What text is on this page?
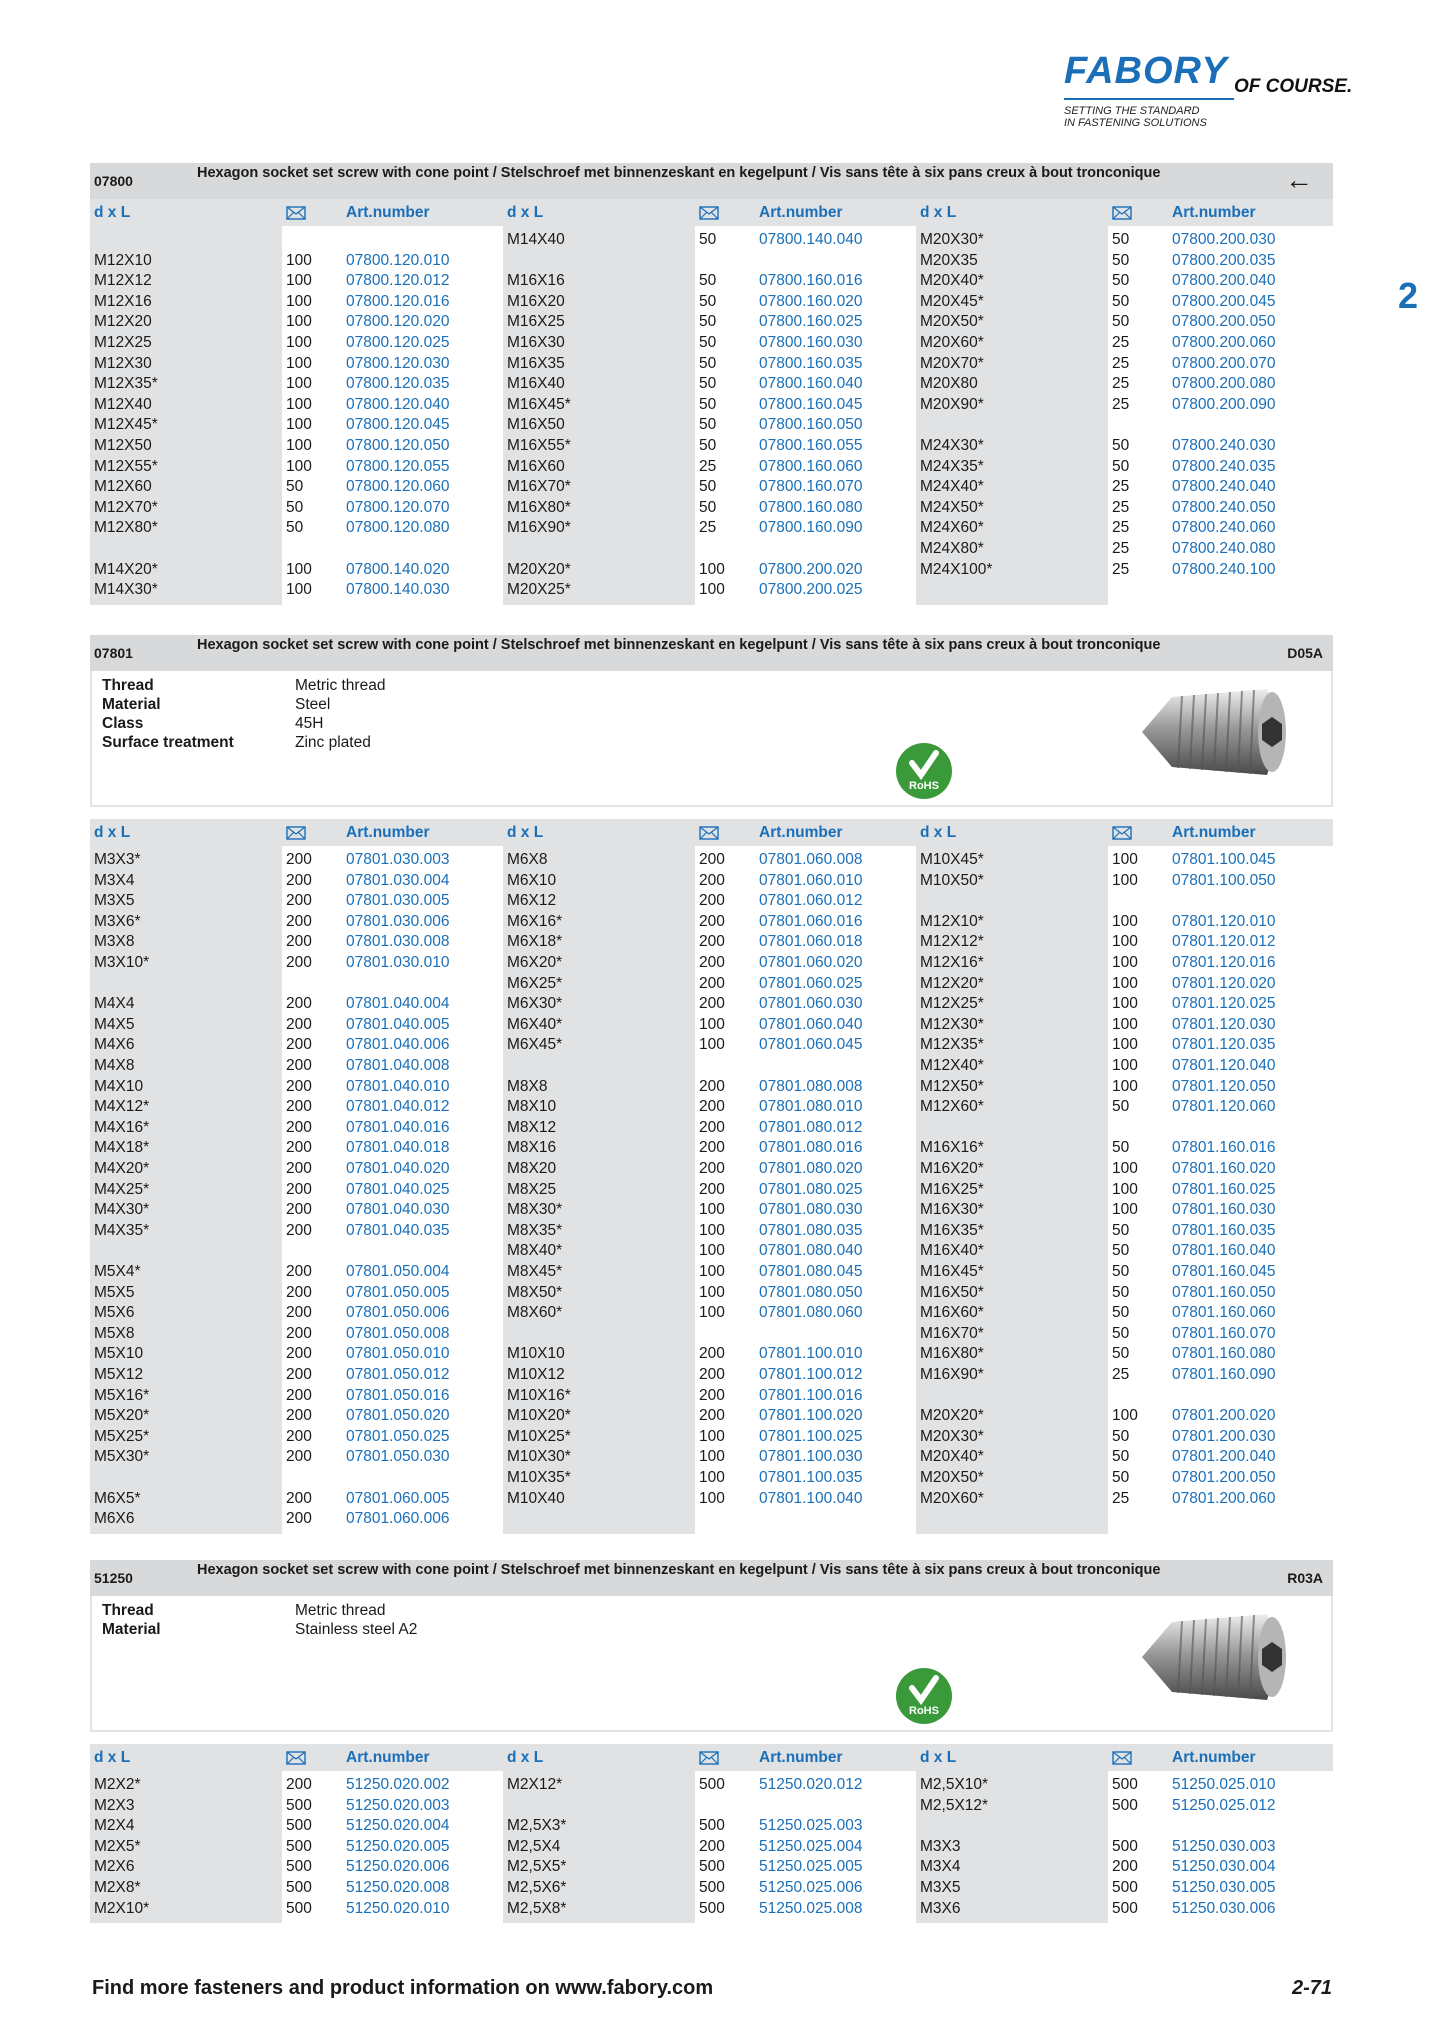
FABORY OF COURSE.
SETTING THE STANDARD
IN FASTENING SOLUTIONS
2
07800	Hexagon socket set screw with cone point / Stelschroef met binnenzeskant en kegelpunt / Vis sans tête à six pans creux à bout tronconique	←
d x L	Art.number	d x L	Art.number	d x L	Art.number
M12X10	100 07800.120.010
M12X12	100 07800.120.012
M12X16	100 07800.120.016
M12X20	100 07800.120.020
M12X25	100 07800.120.025
M12X30	100 07800.120.030
M12X35*	100 07800.120.035
M12X40	100 07800.120.040
M12X45*	100 07800.120.045
M12X50	100 07800.120.050
M12X55*	100 07800.120.055
M12X60	50	07800.120.060
M12X70*	50	07800.120.070
M12X80*	50	07800.120.080
M14X20*	100 07800.140.020
M14X30*	100 07800.140.030
M14X40	50	07800.140.040
M16X16	50	07800.160.016
M16X20	50	07800.160.020
M16X25	50	07800.160.025
M16X30	50	07800.160.030
M16X35	50	07800.160.035
M16X40	50	07800.160.040
M16X45*	50	07800.160.045
M16X50	50	07800.160.050
M16X55*	50	07800.160.055
M16X60	25	07800.160.060
M16X70*	50	07800.160.070
M16X80*	50	07800.160.080
M16X90*	25	07800.160.090
M20X20*	100 07800.200.020
M20X25*	100 07800.200.025
M20X30*	50	07800.200.030
M20X35	50	07800.200.035
M20X40*	50	07800.200.040
M20X45*	50	07800.200.045
M20X50*	50	07800.200.050
M20X60*	25	07800.200.060
M20X70*	25	07800.200.070
M20X80	25	07800.200.080
M20X90*	25	07800.200.090
M24X30*	50	07800.240.030
M24X35*	50	07800.240.035
M24X40*	25	07800.240.040
M24X50*	25	07800.240.050
M24X60*	25	07800.240.060
M24X80*	25	07800.240.080
M24X100*	25	07800.240.100
07801	Hexagon socket set screw with cone point / Stelschroef met binnenzeskant en kegelpunt / Vis sans tête à six pans creux à bout tronconique	D05A
Thread	Metric thread
Material	Steel
Class	45H
Surface treatment	Zinc plated
RoHS
d x L	Art.number	d x L	Art.number	d x L	Art.number
M3X3*	200 07801.030.003
M3X4	200 07801.030.004
M3X5	200 07801.030.005
M3X6*	200 07801.030.006
M3X8	200 07801.030.008
M3X10*	200 07801.030.010
M4X4	200 07801.040.004
M4X5	200 07801.040.005
M4X6	200 07801.040.006
M4X8	200 07801.040.008
M4X10	200 07801.040.010
M4X12*	200 07801.040.012
M4X16*	200 07801.040.016
M4X18*	200 07801.040.018
M4X20*	200 07801.040.020
M4X25*	200 07801.040.025
M4X30*	200 07801.040.030
M4X35*	200 07801.040.035
M5X4*	200 07801.050.004
M5X5	200 07801.050.005
M5X6	200 07801.050.006
M5X8	200 07801.050.008
M5X10	200 07801.050.010
M5X12	200 07801.050.012
M5X16*	200 07801.050.016
M5X20*	200 07801.050.020
M5X25*	200 07801.050.025
M5X30*	200 07801.050.030
M6X5*	200 07801.060.005
M6X6	200 07801.060.006
M6X8	200 07801.060.008
M6X10	200 07801.060.010
M6X12	200 07801.060.012
M6X16*	200 07801.060.016
M6X18*	200 07801.060.018
M6X20*	200 07801.060.020
M6X25*	200 07801.060.025
M6X30*	200 07801.060.030
M6X40*	100 07801.060.040
M6X45*	100 07801.060.045
M8X8	200 07801.080.008
M8X10	200 07801.080.010
M8X12	200 07801.080.012
M8X16	200 07801.080.016
M8X20	200 07801.080.020
M8X25	200 07801.080.025
M8X30*	100 07801.080.030
M8X35*	100 07801.080.035
M8X40*	100 07801.080.040
M8X45*	100 07801.080.045
M8X50*	100 07801.080.050
M8X60*	100 07801.080.060
M10X10	200 07801.100.010
M10X12	200 07801.100.012
M10X16*	200 07801.100.016
M10X20*	200 07801.100.020
M10X25*	100 07801.100.025
M10X30*	100 07801.100.030
M10X35*	100 07801.100.035
M10X40	100 07801.100.040
M10X45*	100 07801.100.045
M10X50*	100 07801.100.050
M12X10*	100 07801.120.010
M12X12*	100 07801.120.012
M12X16*	100 07801.120.016
M12X20*	100 07801.120.020
M12X25*	100 07801.120.025
M12X30*	100 07801.120.030
M12X35*	100 07801.120.035
M12X40*	100 07801.120.040
M12X50*	100 07801.120.050
M12X60*	50	07801.120.060
M16X16*	50	07801.160.016
M16X20*	100 07801.160.020
M16X25*	100 07801.160.025
M16X30*	100 07801.160.030
M16X35*	50	07801.160.035
M16X40*	50	07801.160.040
M16X45*	50	07801.160.045
M16X50*	50	07801.160.050
M16X60*	50	07801.160.060
M16X70*	50	07801.160.070
M16X80*	50	07801.160.080
M16X90*	25	07801.160.090
M20X20*	100 07801.200.020
M20X30*	50	07801.200.030
M20X40*	50	07801.200.040
M20X50*	50	07801.200.050
M20X60*	25	07801.200.060
51250	Hexagon socket set screw with cone point / Stelschroef met binnenzeskant en kegelpunt / Vis sans tête à six pans creux à bout tronconique	R03A
Thread	Metric thread
Material	Stainless steel A2
RoHS
d x L	Art.number	d x L	Art.number	d x L	Art.number
M2X2*	200 51250.020.002
M2X3	500 51250.020.003
M2X4	500 51250.020.004
M2X5*	500 51250.020.005
M2X6	500 51250.020.006
M2X8*	500 51250.020.008
M2X10*	500 51250.020.010
M2X12*	500 51250.020.012
M2,5X3*	500 51250.025.003
M2,5X4	200 51250.025.004
M2,5X5*	500 51250.025.005
M2,5X6*	500 51250.025.006
M2,5X8*	500 51250.025.008
M2,5X10*	500 51250.025.010
M2,5X12*	500 51250.025.012
M3X3	500 51250.030.003
M3X4	200 51250.030.004
M3X5	500 51250.030.005
M3X6	500 51250.030.006
Find more fasteners and product information on www.fabory.com	2-71
